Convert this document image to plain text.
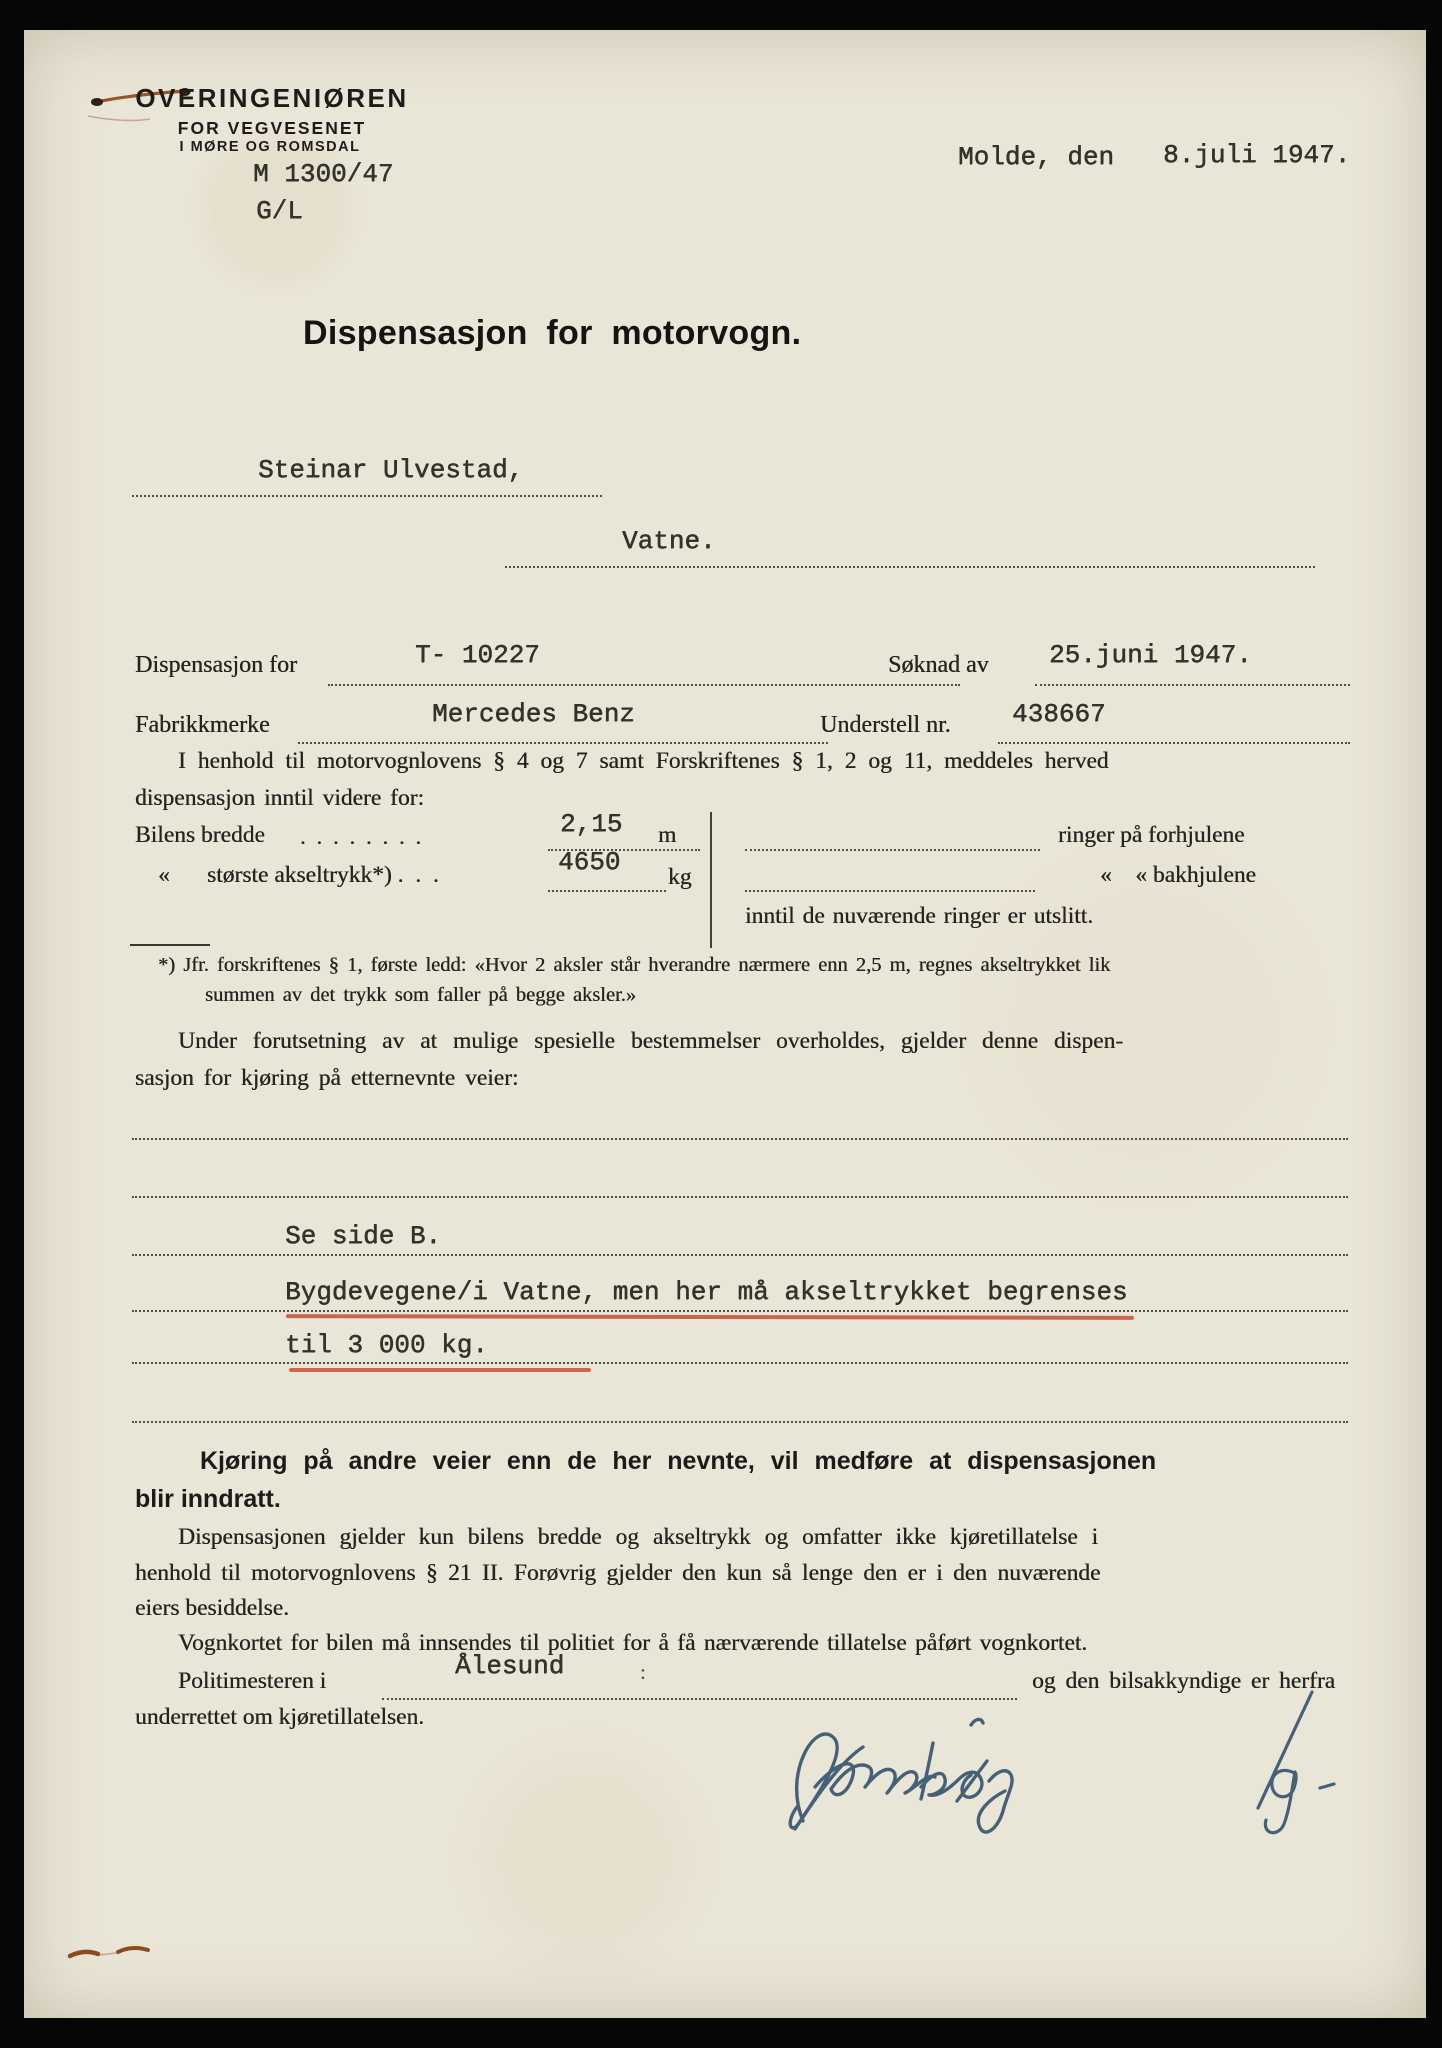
OVERINGENIØREN
FOR VEGVESENET
I MØRE OG ROMSDAL
M 1300/47
G/L
Molde, den 8.juli 1947.
Dispensasjon for motorvogn.
Steinar Ulvestad,
Vatne.
Dispensasjon for	T- 10227	Søknad av 25.juni 1947.
Fabrikkmerke	Mercedes Benz	Understell nr. 438667
I henhold til motorvognlovens § 4 og 7 samt Forskriftenes § 1, 2 og 11, meddeles herved
dispensasjon inntil videre for:
Bilens bredde .  .  .  .  .  .  .  .	2,15 m	ringer på forhjulene
« største akseltrykk*) .  .  .	4650 kg	«    « bakhjulene
inntil de nuværende ringer er utslitt.
*) Jfr. forskriftenes § 1, første ledd: «Hvor 2 aksler står hverandre nærmere enn 2,5 m, regnes akseltrykket lik
summen av det trykk som faller på begge aksler.»
Under forutsetning av at mulige spesielle bestemmelser overholdes, gjelder denne dispen-
sasjon for kjøring på etternevnte veier:
Se side B.
Bygdevegene/i Vatne, men her må akseltrykket begrenses
til 3 000 kg.
Kjøring på andre veier enn de her nevnte, vil medføre at dispensasjonen
blir inndratt.
Dispensasjonen gjelder kun bilens bredde og akseltrykk og omfatter ikke kjøretillatelse i
henhold til motorvognlovens § 21 II. Forøvrig gjelder den kun så lenge den er i den nuværende
eiers besiddelse.
Vognkortet for bilen må innsendes til politiet for å få nærværende tillatelse påført vognkortet.
Politimesteren i	Ålesund	:	og den bilsakkyndige er herfra
underrettet om kjøretillatelsen.
